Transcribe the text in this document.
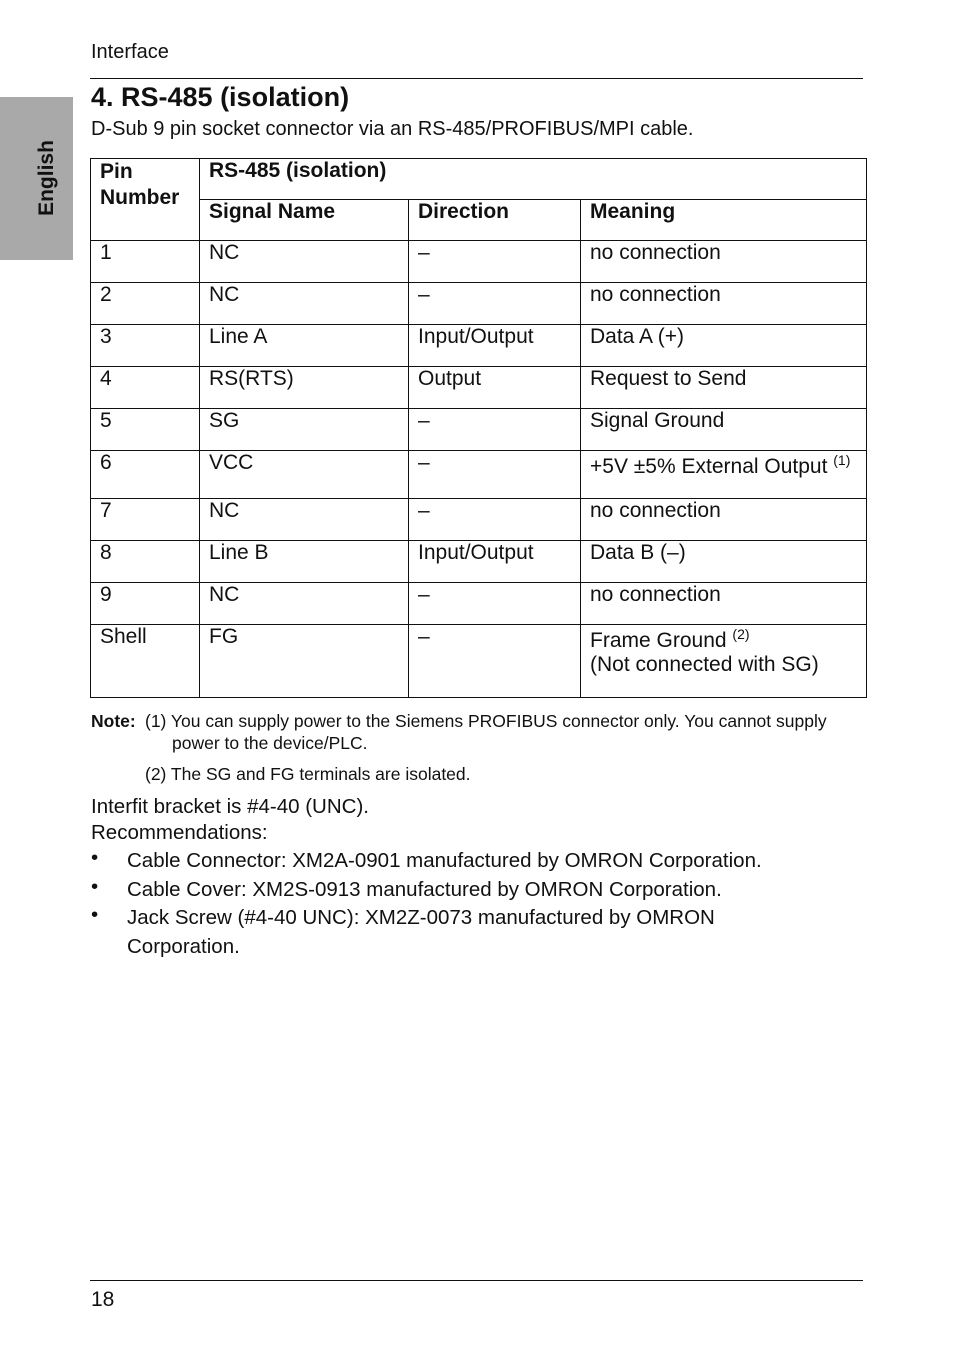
English
Interface
4. RS-485 (isolation)
D-Sub 9 pin socket connector via an RS-485/PROFIBUS/MPI cable.
Pin Number	RS-485 (isolation)		
	Signal Name	Direction	Meaning
1	NC	–	no connection
2	NC	–	no connection
3	Line A	Input/Output	Data A (+)
4	RS(RTS)	Output	Request to Send
5	SG	–	Signal Ground
6	VCC	–	+5V ±5% External Output $^{(1)}$
7	NC	–	no connection
8	Line B	Input/Output	Data B (–)
9	NC	–	no connection
Shell	FG	–	Frame Ground $^{(2)}$
(Not connected with SG)
Note: (1) You can supply power to the Siemens PROFIBUS connector only. You cannot supply power to the device/PLC.
(2) The SG and FG terminals are isolated.
Interfit bracket is #4-40 (UNC).
Recommendations:
• Cable Connector: XM2A-0901 manufactured by OMRON Corporation.
• Cable Cover: XM2S-0913 manufactured by OMRON Corporation.
• Jack Screw (#4-40 UNC): XM2Z-0073 manufactured by OMRON Corporation.
18
